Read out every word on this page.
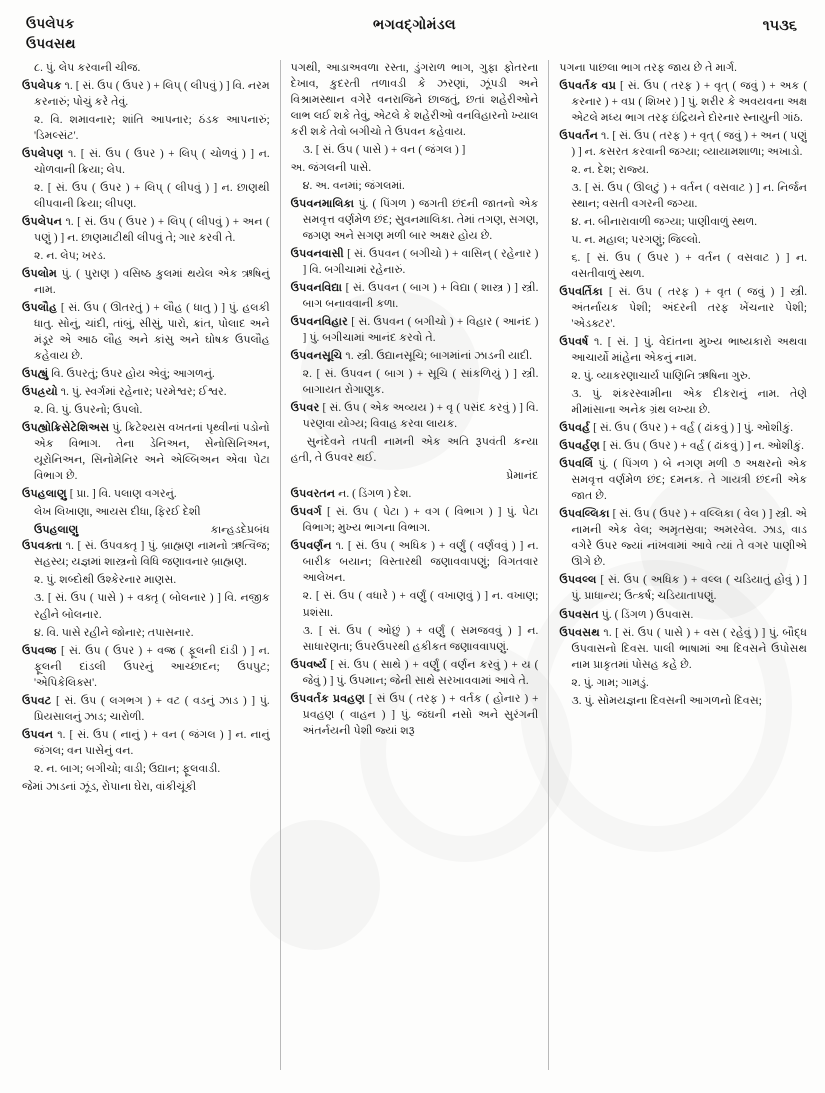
ઉપલેપક
ઉપવસથ
ભગવદ્ગોમંડલ	૧૫૩૬
૮. પું. લેપ કરવાની ચીજ.
ઉપલેપક ૧. [ સં. ઉપ ( ઉપર ) + લિપ્ ( લીપવું ) ] વિ. નરમ કરનારું; પોચું કરે તેવું.
૨. વિ. શમાવનાર; શાંતિ આપનાર; ઠંડક આપનારું; 'ડિમલ્સંટ'.
ઉપલેપણ ૧. [ સં. ઉપ ( ઉપર ) + લિપ્ ( ચોળવું ) ] ન. ચોળવાની ક્રિયા; લેપ.
૨. [ સં. ઉપ ( ઉપર ) + લિપ્ ( લીપવું ) ] ન. છાણથી લીપવાની ક્રિયા; લીપણ.
ઉપલેપન ૧. [ સં. ઉપ ( ઉપર ) + લિપ્ ( લીપવું ) + અન ( પણું ) ] ન. છાણમાટીથી લીપવું તે; ગાર કરવી તે.
૨. ન. લેપ; ખરડ.
ઉપલોમ પું. ( પુરાણ ) વસિષ્ઠ કુલમાં થયેલ એક ઋષિનું નામ.
ઉપલૌહ [ સં. ઉપ ( ઊતરતું ) + લૌહ ( ધાતુ ) ] પું. હલકી ધાતુ. સોનું, ચાંદી, તાંબું, સીસું, પારો, ક્રાંત, પોલાદ અને મંડૂર એ આઠ લૌહ અને કાંસુ અને ઘોષક ઉપલૌહ કહેવાય છે.
ઉપહ્યું વિ. ઉપરતું; ઉપર હોય એવું; આગળનું.
ઉપહ્રયો ૧. પું. સ્વર્ગમાં રહેનાર; પરમેશ્વર; ઈશ્વર.
૨. વિ. પું. ઉપરનો; ઉપલો.
ઉપહ્યોક્રિસેટેશિઅસ પું. ક્રિટેશ્યસ વખતનાં પૃથ્વીનાં પડોનો એક વિભાગ. તેના ડેનિઅન, સેનોસિનિઅન, યૂરોનિઅન, સિનોમેનિર અને એલ્બિઅન એવા પેટા વિભાગ છે.
ઉપહલાણુ [ પ્રા. ] વિ. પલાણ વગરનું.
લેખ લિખાણા, આયસ દીધા, ફિરઈ દેશી
ઉપહલાણુ	કાન્હડદેપ્રબંધ
ઉપવક્તા ૧. [ સં. ઉપવક્તૃ ] પું. બ્રાહ્મણ નામનો ઋત્વિજ; સહસ્ય; યજ્ઞમાં શાસ્ત્રનો વિધિ જણાવનાર બ્રાહ્મણ.
૨. પું. શબ્દોથી ઉશ્કેરનાર માણસ.
૩. [ સં. ઉપ ( પાસે ) + વક્તૃ ( બોલનાર ) ] વિ. નજીક રહીને બોલનાર.
૪. વિ. પાસે રહીને જોનાર; તપાસનાર.
ઉપવજ્ર [ સં. ઉપ ( ઉપર ) + વજ્ર ( ફૂલની દાંડી ) ] ન. ફૂલની દાંડલી ઉપરનું આચ્છાદન; ઉપપુટ; 'એપિકેલિક્સ'.
ઉપવટ [ સં. ઉપ ( લગભગ ) + વટ ( વડનું ઝાડ ) ] પું. પ્રિયસાલનું ઝાડ; ચારોળી.
ઉપવન ૧. [ સં. ઉપ ( નાનું ) + વન ( જંગલ ) ] ન. નાનું જંગલ; વન પાસેનું વન.
૨. ન. બાગ; બગીચો; વાડી; ઉદ્યાન; ફૂલવાડી.
જેમાં ઝાડનાં ઝૂંડ, રોપાના ઘેરા, વાંકીચૂંકી
પગથી, આડાઅવળા રસ્તા, ડુંગરાળ ભાગ, ગુફા ફોતરના દેખાવ, કુદરતી તળાવડી કે ઝરણાં, ઝૂંપડી અને વિશ્રામસ્થાન વગેરે વનરાજિને છાજતું, છતાં શહેરીઓને લાભ લઈ શકે તેવું, એટલે કે શહેરીઓ વનવિહારનો ખ્યાલ કરી શકે તેવો બગીચો તે ઉપવન કહેવાય.
૩. [ સં. ઉપ ( પાસે ) + વન ( જંગલ ) ]
અ. જંગલની પાસે.
૪. અ. વનમાં; જંગલમાં.
ઉપવનમાલિકા પું. ( પિંગળ ) જગતી છંદની જાતનો એક સમવૃત્ત વર્ણમેળ છંદ; સુવનમાલિકા. તેમાં તગણ, સગણ, જગણ અને સગણ મળી બાર અક્ષર હોય છે.
ઉપવનવાસી [ સં. ઉપવન ( બગીચો ) + વાસિન્ ( રહેનાર ) ] વિ. બગીચામાં રહેનારું.
ઉપવનવિદ્યા [ સં. ઉપવન ( બાગ ) + વિદ્યા ( શાસ્ત્ર ) ] સ્ત્રી. બાગ બનાવવાની કળા.
ઉપવનવિહાર [ સં. ઉપવન ( બગીચો ) + વિહાર ( આનંદ ) ] પું. બગીચામાં આનંદ કરવો તે.
ઉપવનસૂચિ ૧. સ્ત્રી. ઉદ્યાનસૂચિ; બાગમાંનાં ઝાડની યાદી.
૨. [ સં. ઉપવન ( બાગ ) + સૂચિ ( સાંકળિયું ) ] સ્ત્રી. બાગાયત રોગાણુક.
ઉપવર [ સં. ઉપ ( એક અવ્યય ) + વૃ ( પસંદ કરવું ) ] વિ. પરણવા યોગ્ય; વિવાહ કરવા લાયક.
સુનંદેવને તપતી નામની એક અતિ રૂપવંતી કન્યા હતી, તે ઉપવર થઈ.
પ્રેમાનંદ
ઉપવરતન ન. ( ડિંગળ ) દેશ.
ઉપવર્ગ [ સં. ઉપ ( પેટા ) + વગ ( વિભાગ ) ] પું. પેટા વિભાગ; મુખ્ય ભાગના વિભાગ.
ઉપવર્ણન ૧. [ સં. ઉપ ( અધિક ) + વર્ણું ( વર્ણવવું ) ] ન. બારીક બયાન; વિસ્તારથી જણાવવાપણું; વિગતવાર આલેખન.
૨. [ સં. ઉપ ( વધારે ) + વર્ણું ( વખાણવું ) ] ન. વખાણ; પ્રશંસા.
૩. [ સં. ઉપ ( ઓછું ) + વર્ણું ( સમજવવું ) ] ન. સાધારણતા; ઉપરઉપરથી હકીકત જણાવવાપણું.
ઉપવર્ષ્ય [ સં. ઉપ ( સાથે ) + વર્ણું ( વર્ણન કરવું ) + ય ( જેવું ) ] પું. ઉપમાન; જેની સાથે સરખાવવામાં આવે તે.
ઉપવર્તક પ્રવહણ [ સં ઉપ ( તરફ ) + વર્તક ( હોનાર ) + પ્રવહણ ( વાહન ) ] પું. જંઘની નસો અને સુરંગની અંતર્નયની પેશી જ્યાં શરૂ
પગના પાછલા ભાગ તરફ જાય છે તે માર્ગ.
ઉપવર્તક વપ્ર [ સં. ઉપ ( તરફ ) + વૃત્ ( જવું ) + અક ( કરનાર ) + વપ્ર ( શિખર ) ] પું. શરીર કે અવયવના અક્ષ એટલે મધ્ય ભાગ તરફ ઇંદ્રિયને દોરનાર સ્નાયુની ગાંઠ.
ઉપવર્તન ૧. [ સં. ઉપ ( તરફ ) + વૃત્ ( જવું ) + અન ( પણું ) ] ન. કસરત કરવાની જગ્યા; વ્યાયામશાળા; અખાડો.
૨. ન. દેશ; રાજ્ય.
૩. [ સં. ઉપ ( ઊલટું ) + વર્તન ( વસવાટ ) ] ન. નિર્જન સ્થાન; વસતી વગરની જગ્યા.
૪. ન. બીનારાવાળી જગ્યા; પાણીવાળું સ્થળ.
૫. ન. મહાલ; પરગણું; જિલ્લો.
૬. [ સં. ઉપ ( ઉપર ) + વર્તન ( વસવાટ ) ] ન. વસતીવાળું સ્થળ.
ઉપવર્તિકા [ સં. ઉપ ( તરફ ) + વૃત ( જવું ) ] સ્ત્રી. અંતર્નાયક પેશી; અંદરની તરફ ખેંચનાર પેશી; 'એડક્ટર'.
ઉપવર્ષ ૧. [ સં. ] પું. વેદાંતના મુખ્ય ભાષ્યકારો અથવા આચાર્યો માંહેના એકનું નામ.
૨. પું. વ્યાકરણાચાર્ય પાણિનિ ઋષિના ગુરુ.
૩. પું. શંકરસ્વામીના એક દીકરાનું નામ. તેણે મીમાંસાના અનેક ગ્રંથ લખ્યા છે.
ઉપવર્હ [ સં. ઉપ ( ઉપર ) + વર્હ ( ઢાંકવું ) ] પું. ઓશીકું.
ઉપવર્હણ [ સં. ઉપ ( ઉપર ) + વર્હ ( ઢાંકવું ) ] ન. ઓશીકું.
ઉપવર્લિ પું. ( પિંગળ ) બે નગણ મળી ૭ અક્ષરનો એક સમવૃત્ત વર્ણમેળ છંદ; દમનક. તે ગાયત્રી છંદની એક જાત છે.
ઉપવલ્લિકા [ સં. ઉપ ( ઉપર ) + વલ્લિકા ( વેલ ) ] સ્ત્રી. એ નામની એક વેલ; અમૃતસ્રવા; અમરવેલ. ઝાડ, વાડ વગેરે ઉપર જ્યાં નાંખવામાં આવે ત્યાં તે વગર પાણીએ ઊગે છે.
ઉપવલ્લ [ સં. ઉપ ( અધિક ) + વલ્લ ( ચડિયાતું હોવું ) ] પું. પ્રાધાન્ય; ઉત્કર્ષ; ચડિયાતાપણું.
ઉપવસત પું. ( ડિંગળ ) ઉપવાસ.
ઉપવસથ ૧. [ સં. ઉપ ( પાસે ) + વસ ( રહેવું ) ] પું. બૌદ્ધ ઉપવાસનો દિવસ. પાલી ભાષામાં આ દિવસને ઉપોસથ નામ પ્રાકૃતમાં પોસહ કહે છે.
૨. પું. ગામ; ગામડું.
૩. પું. સોમયજ્ઞના દિવસની આગળનો દિવસ;
